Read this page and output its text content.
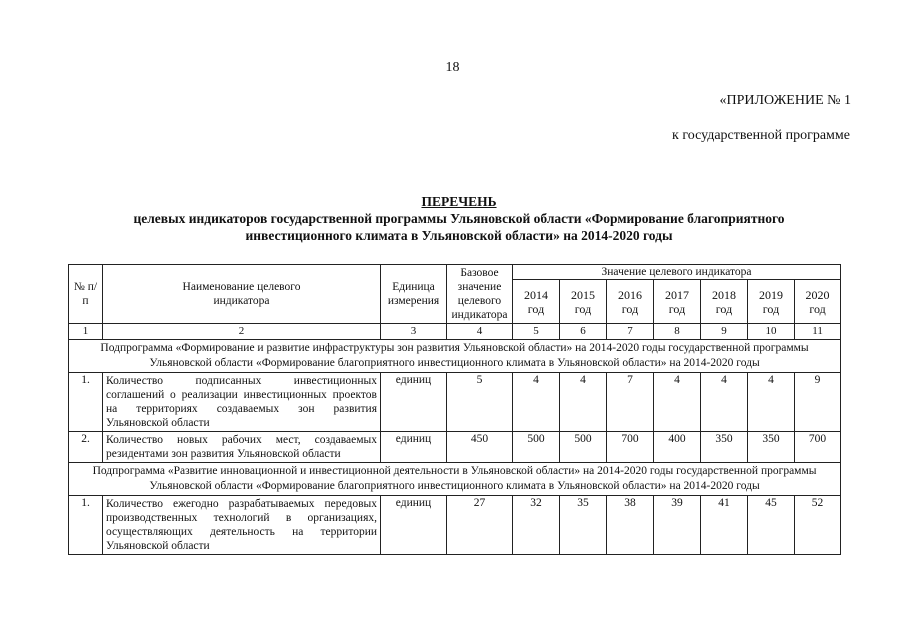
18
«ПРИЛОЖЕНИЕ № 1
к государственной программе
ПЕРЕЧЕНЬ
целевых индикаторов государственной программы Ульяновской области «Формирование благоприятного
инвестиционного климата в Ульяновской области» на 2014-2020 годы
№ п/п	Наименование целевого индикатора	Единица измерения	Базовое значение целевого индикатора	Значение целевого индикатора						
				2014 год	2015 год	2016 год	2017 год	2018 год	2019 год	2020 год
1	2	3	4	5	6	7	8	9	10	11
Подпрограмма «Формирование и развитие инфраструктуры зон развития Ульяновской области» на 2014-2020 годы государственной программы Ульяновской области «Формирование благоприятного инвестиционного климата в Ульяновской области» на 2014-2020 годы										
1.	Количество подписанных инвестиционных соглашений о реализации инвестиционных проектов на территориях создаваемых зон развития Ульяновской области	единиц	5	4	4	7	4	4	4	9
2.	Количество новых рабочих мест, создаваемых резидентами зон развития Ульяновской области	единиц	450	500	500	700	400	350	350	700
Подпрограмма «Развитие инновационной и инвестиционной деятельности в Ульяновской области» на 2014-2020 годы государственной программы Ульяновской области «Формирование благоприятного инвестиционного климата в Ульяновской области» на 2014-2020 годы										
1.	Количество ежегодно разрабатываемых передовых производственных технологий в организациях, осуществляющих деятельность на территории Ульяновской области	единиц	27	32	35	38	39	41	45	52
